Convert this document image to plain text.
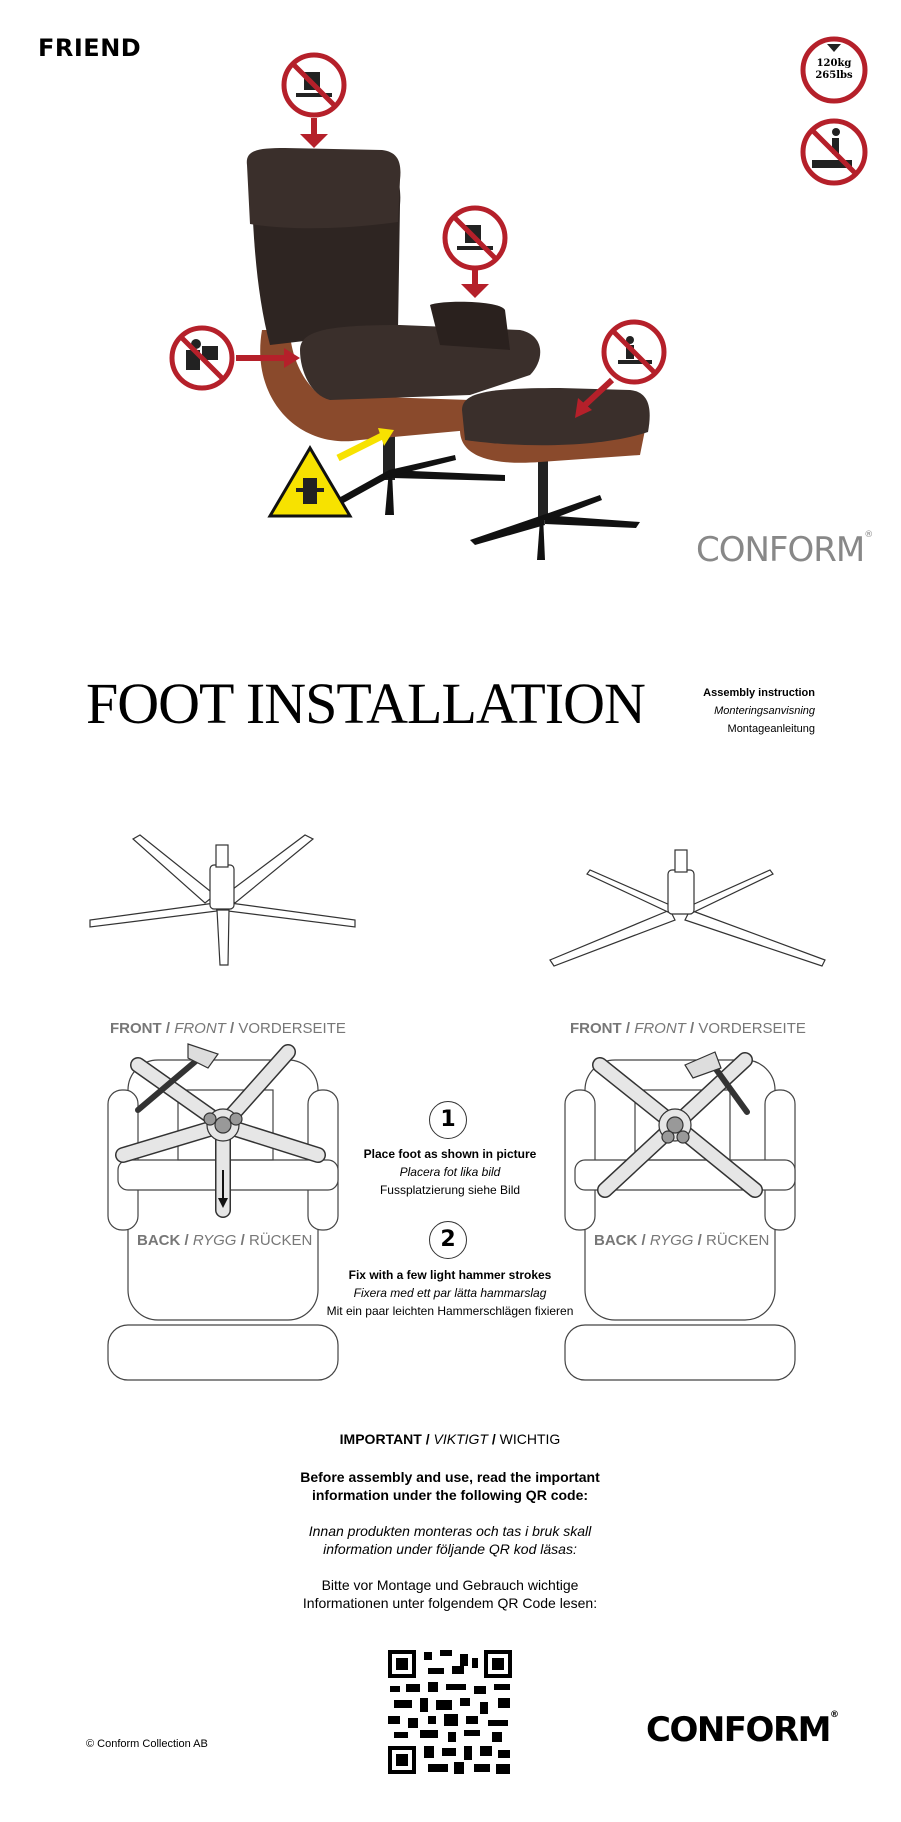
FRIEND
120kg
265lbs
CONFORM®
FOOT INSTALLATION	Assembly instruction
Monteringsanvisning
Montageanleitung
FRONT / FRONT / VORDERSEITE	FRONT / FRONT / VORDERSEITE
BACK / RYGG / RÜCKEN	BACK / RYGG / RÜCKEN
1
Place foot as shown in picture
Placera fot lika bild
Fussplatzierung siehe Bild
2
Fix with a few light hammer strokes
Fixera med ett par lätta hammarslag
Mit ein paar leichten Hammerschlägen fixieren
IMPORTANT / VIKTIGT / WICHTIG
Before assembly and use, read the important
information under the following QR code:
Innan produkten monteras och tas i bruk skall
information under följande QR kod läsas:
Bitte vor Montage und Gebrauch wichtige
Informationen unter folgendem QR Code lesen:
© Conform Collection AB	CONFORM®
